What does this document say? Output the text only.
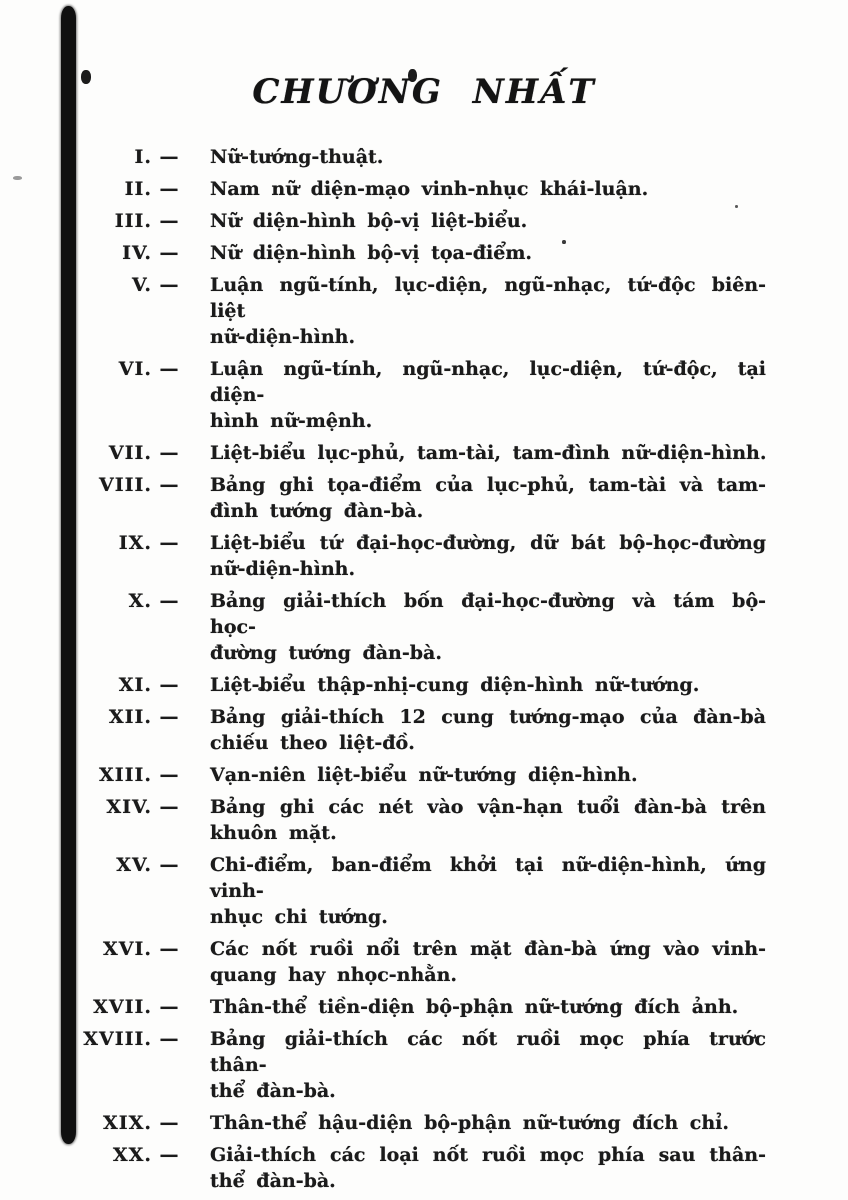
CHƯƠNG NHẤT
I. —	Nữ-tướng-thuật.
II. —	Nam nữ diện-mạo vinh-nhục khái-luận.
III. —	Nữ diện-hình bộ-vị liệt-biểu.
IV. —	Nữ diện-hình bộ-vị tọa-điểm.
V. —	Luận ngũ-tính, lục-diện, ngũ-nhạc, tứ-độc biên-liệt
nữ-diện-hình.
VI. —	Luận ngũ-tính, ngũ-nhạc, lục-diện, tứ-độc, tại diện-
hình nữ-mệnh.
VII. —	Liệt-biểu lục-phủ, tam-tài, tam-đình nữ-diện-hình.
VIII. —	Bảng ghi tọa-điểm của lục-phủ, tam-tài và tam-
đình tướng đàn-bà.
IX. —	Liệt-biểu tứ đại-học-đường, dữ bát bộ-học-đường
nữ-diện-hình.
X. —	Bảng giải-thích bốn đại-học-đường và tám bộ-học-
đường tướng đàn-bà.
XI. —	Liệt-biểu thập-nhị-cung diện-hình nữ-tướng.
XII. —	Bảng giải-thích 12 cung tướng-mạo của đàn-bà
chiếu theo liệt-đồ.
XIII. —	Vạn-niên liệt-biểu nữ-tướng diện-hình.
XIV. —	Bảng ghi các nét vào vận-hạn tuổi đàn-bà trên
khuôn mặt.
XV. —	Chi-điểm, ban-điểm khởi tại nữ-diện-hình, ứng vinh-
nhục chi tướng.
XVI. —	Các nốt ruồi nổi trên mặt đàn-bà ứng vào vinh-
quang hay nhọc-nhằn.
XVII. —	Thân-thể tiền-diện bộ-phận nữ-tướng đích ảnh.
XVIII. —	Bảng giải-thích các nốt ruồi mọc phía trước thân-
thể đàn-bà.
XIX. —	Thân-thể hậu-diện bộ-phận nữ-tướng đích chỉ.
XX. —	Giải-thích các loại nốt ruồi mọc phía sau thân-
thể đàn-bà.
